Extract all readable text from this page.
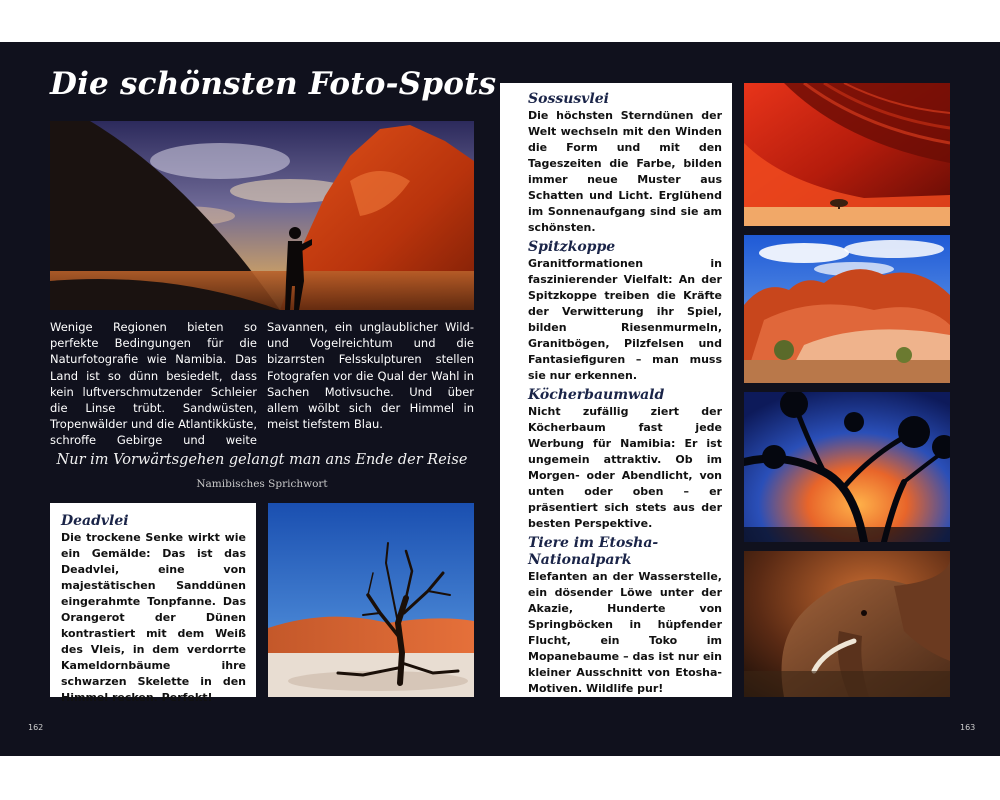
Die schönsten Foto-Spots
Wenige Regionen bieten so perfekte Bedingungen für die Naturfotografie wie Namibia. Das Land ist so dünn besiedelt, dass kein luftverschmutzender Schleier die Linse trübt. Sandwüsten, Tropenwälder und die Atlantikküste, schroffe Gebirge und weite Savannen, ein unglaublicher Wild- und Vogelreichtum und die bizarrsten Felsskulpturen stellen Fotografen vor die Qual der Wahl in Sachen Motivsuche. Und über allem wölbt sich der Himmel in meist tiefstem Blau.
Nur im Vorwärtsgehen gelangt man ans Ende der Reise
Namibisches Sprichwort
Deadvlei
Die trockene Senke wirkt wie ein Gemälde: Das ist das Deadvlei, eine von majestätischen Sanddünen eingerahmte Tonpfanne. Das Orangerot der Dünen kontrastiert mit dem Weiß des Vleis, in dem verdorrte Kameldornbäume ihre schwarzen Skelette in den Himmel recken. Perfekt!
162
Sossusvlei
Die höchsten Sterndünen der Welt wechseln mit den Winden die Form und mit den Tageszeiten die Farbe, bilden immer neue Muster aus Schatten und Licht. Erglühend im Sonnenaufgang sind sie am schönsten.
Spitzkoppe
Granitformationen in faszinierender Vielfalt: An der Spitzkoppe treiben die Kräfte der Verwitterung ihr Spiel, bilden Riesenmurmeln, Granitbögen, Pilzfelsen und Fantasiefiguren – man muss sie nur erkennen.
Köcherbaumwald
Nicht zufällig ziert der Köcherbaum fast jede Werbung für Namibia: Er ist ungemein attraktiv. Ob im Morgen- oder Abendlicht, von unten oder oben – er präsentiert sich stets aus der besten Perspektive.
Tiere im Etosha-Nationalpark
Elefanten an der Wasserstelle, ein dösender Löwe unter der Akazie, Hunderte von Springböcken in hüpfender Flucht, ein Toko im Mopanebaume – das ist nur ein kleiner Ausschnitt von Etosha-Motiven. Wildlife pur!
163
